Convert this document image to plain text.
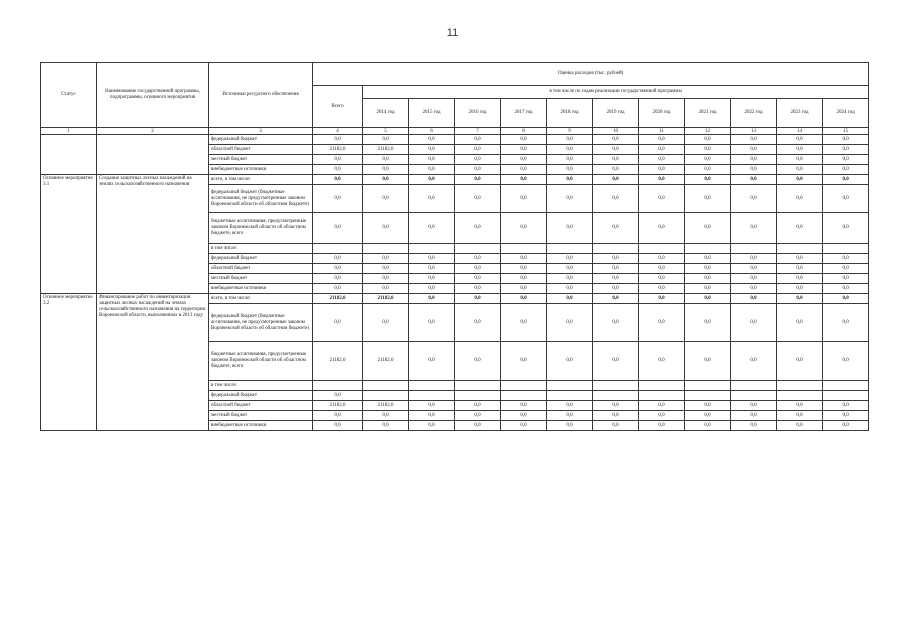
11
Статус	Наименование государственной программы, подпрограммы, основного мероприятия	Источники ресурсного обеспечения	Оценка расходов (тыс. рублей)											
			Всего	в том числе по годам реализации государственной программы										
				2014 год	2015 год	2016 год	2017 год	2018 год	2019 год	2020 год	2021 год	2022 год	2023 год	2024 год
1	2	3	4	5	6	7	8	9	10	11	12	13	14	15
		федеральный бюджет	0,0	0,0	0,0	0,0	0,0	0,0	0,0	0,0	0,0	0,0	0,0	0,0
		областной бюджет	21182,0	21182,0	0,0	0,0	0,0	0,0	0,0	0,0	0,0	0,0	0,0	0,0
		местный бюджет	0,0	0,0	0,0	0,0	0,0	0,0	0,0	0,0	0,0	0,0	0,0	0,0
		внебюджетные источники	0,0	0,0	0,0	0,0	0,0	0,0	0,0	0,0	0,0	0,0	0,0	0,0
Основное мероприятие 3.1	Создание защитных лесных насаждений на землях сельскохозяйственного назначения	всего, в том числе:	0,0	0,0	0,0	0,0	0,0	0,0	0,0	0,0	0,0	0,0	0,0	0,0
		федеральный бюджет (бюджетные ассигнования, не предусмотренные законом Воронежской области об областном бюджете)	0,0	0,0	0,0	0,0	0,0	0,0	0,0	0,0	0,0	0,0	0,0	0,0
		бюджетные ассигнования, предусмотренные законом Воронежской области об областном бюджете, всего	0,0	0,0	0,0	0,0	0,0	0,0	0,0	0,0	0,0	0,0	0,0	0,0
		в том числе:												
		федеральный бюджет	0,0	0,0	0,0	0,0	0,0	0,0	0,0	0,0	0,0	0,0	0,0	0,0
		областной бюджет	0,0	0,0	0,0	0,0	0,0	0,0	0,0	0,0	0,0	0,0	0,0	0,0
		местный бюджет	0,0	0,0	0,0	0,0	0,0	0,0	0,0	0,0	0,0	0,0	0,0	0,0
		внебюджетные источники	0,0	0,0	0,0	0,0	0,0	0,0	0,0	0,0	0,0	0,0	0,0	0,0
Основное мероприятие 3.2	Финансирование работ по инвентаризации защитных лесных насаждений на землях сельскохозяйственного назначения на территории Воронежской области, выполненных в 2013 году	всего, в том числе:	21182,0	21182,0	0,0	0,0	0,0	0,0	0,0	0,0	0,0	0,0	0,0	0,0
		федеральный бюджет (бюджетные ассигнования, не предусмотренные законом Воронежской области об областном бюджете)	0,0	0,0	0,0	0,0	0,0	0,0	0,0	0,0	0,0	0,0	0,0	0,0
		бюджетные ассигнования, предусмотренные законом Воронежской области об областном бюджете, всего	21182,0	21182,0	0,0	0,0	0,0	0,0	0,0	0,0	0,0	0,0	0,0	0,0
		в том числе:												
		федеральный бюджет	0,0											
		областной бюджет	21182,0	21182,0	0,0	0,0	0,0	0,0	0,0	0,0	0,0	0,0	0,0	0,0
		местный бюджет	0,0	0,0	0,0	0,0	0,0	0,0	0,0	0,0	0,0	0,0	0,0	0,0
		внебюджетные источники	0,0	0,0	0,0	0,0	0,0	0,0	0,0	0,0	0,0	0,0	0,0	0,0
